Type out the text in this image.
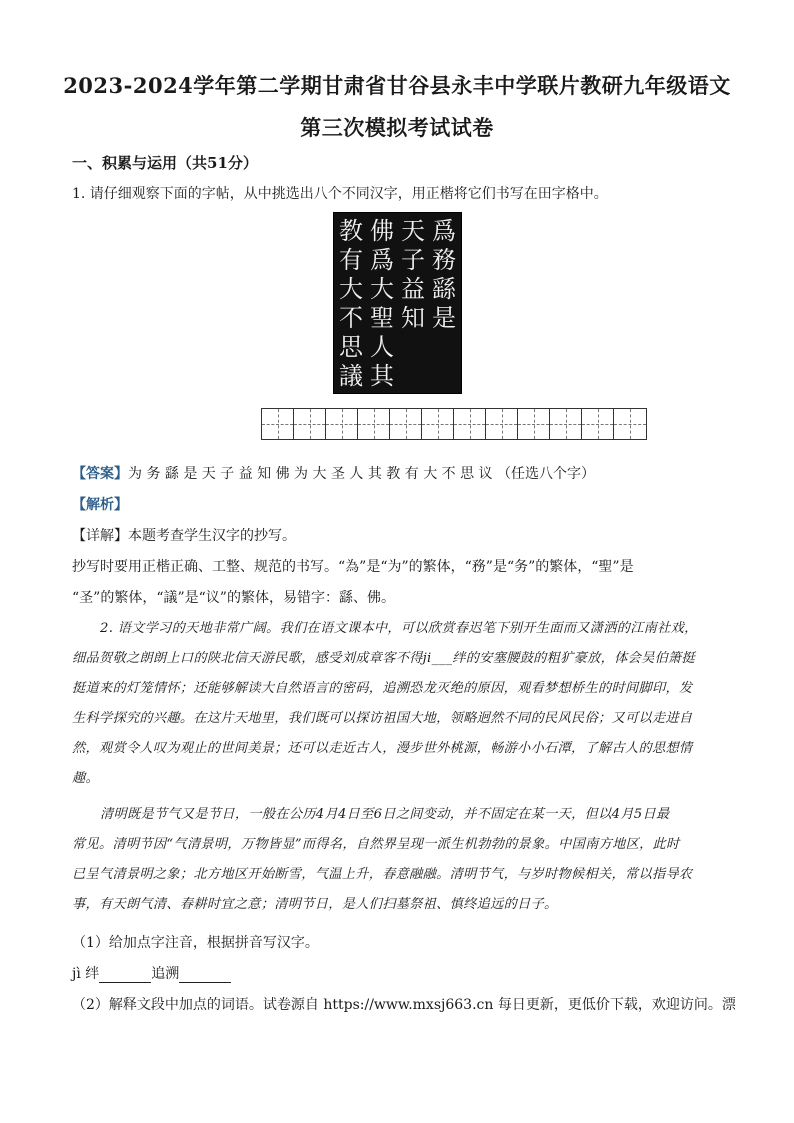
2023-2024学年第二学期甘肃省甘谷县永丰中学联片教研九年级语文
第三次模拟考试试卷
一、积累与运用（共51分）
1. 请仔细观察下面的字帖，从中挑选出八个不同汉字，用正楷将它们书写在田字格中。
教
有
大
不
思
議
佛
爲
大
聖
人
其
天
子
益
知
爲
務
繇
是
【答案】为 务 繇 是 天 子 益 知 佛 为 大 圣 人 其 教 有 大 不 思 议 （任选八个字）
【解析】
【详解】本题考查学生汉字的抄写。
抄写时要用正楷正确、工整、规范的书写。“為”是“为”的繁体，“務”是“务”的繁体，“聖”是
“圣”的繁体，“議”是“议”的繁体，易错字：繇、佛。
2. 语文学习的天地非常广阔。我们在语文课本中，可以欣赏春迟笔下别开生面而又潇洒的江南社戏，
细品贺敬之朗朗上口的陕北信天游民歌，感受刘成章客不得ji___绊的安塞腰鼓的粗犷豪放，体会吴伯箫挺
挺道来的灯笼情怀；还能够解读大自然语言的密码，追溯恐龙灭绝的原因，观看梦想桥生的时间脚印，发
生科学探究的兴趣。在这片天地里，我们既可以探访祖国大地，领略迥然不同的民风民俗；又可以走进自
然，观赏令人叹为观止的世间美景；还可以走近古人，漫步世外桃源，畅游小小石潭，了解古人的思想情
趣。
清明既是节气又是节日，一般在公历4月4日至6日之间变动，并不固定在某一天，但以4月5日最
常见。清明节因“气清景明，万物皆显”而得名，自然界呈现一派生机勃勃的景象。中国南方地区，此时
已呈气清景明之象；北方地区开始断雪，气温上升，春意融融。清明节气，与岁时物候相关，常以指导农
事，有天朗气清、春耕时宜之意；清明节日，是人们扫墓祭祖、慎终追远的日子。
（1）给加点字注音，根据拼音写汉字。
jì 绊	追溯
（2）解释文段中加点的词语。试卷源自 https://www.mxsj663.cn 每日更新，更低价下载，欢迎访问。漂
